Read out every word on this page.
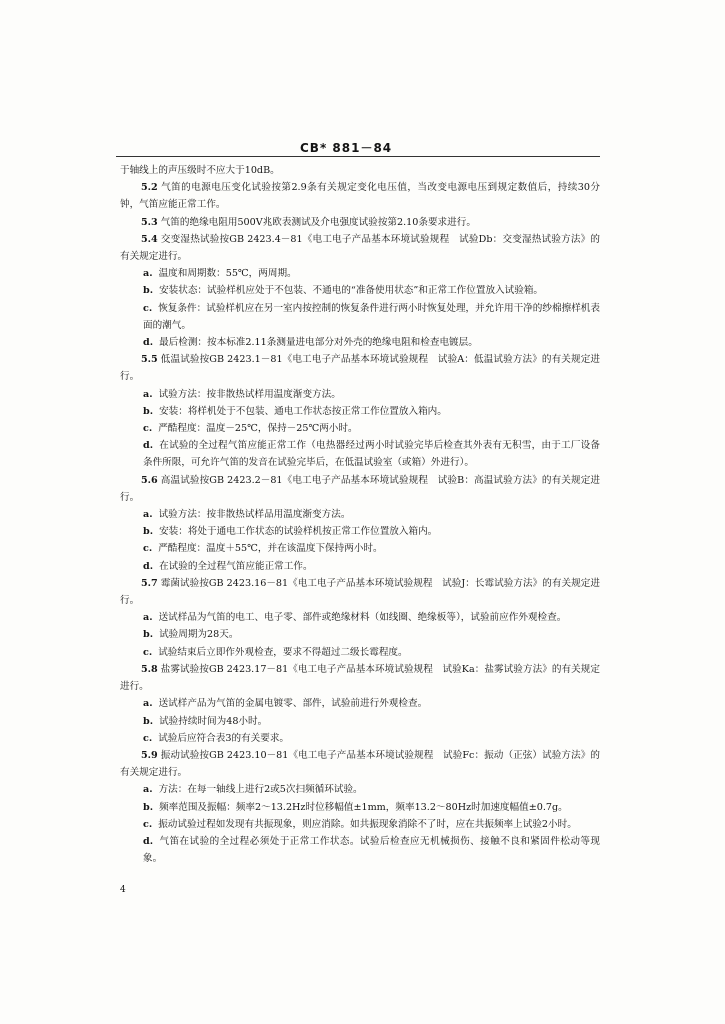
CB* 881－84

于轴线上的声压级时不应大于10dB。

5.2 气笛的电源电压变化试验按第2.9条有关规定变化电压值，当改变电源电压到规定数值后，持续30分钟，气笛应能正常工作。

5.3 气笛的绝缘电阻用500V兆欧表测试及介电强度试验按第2.10条要求进行。

5.4 交变湿热试验按GB 2423.4－81《电工电子产品基本环境试验规程　试验Db：交变湿热试验方法》的有关规定进行。

a. 温度和周期数：55℃，两周期。

b. 安装状态：试验样机应处于不包装、不通电的“准备使用状态”和正常工作位置放入试验箱。

c. 恢复条件：试验样机应在另一室内按控制的恢复条件进行两小时恢复处理，并允许用干净的纱棉擦样机表面的潮气。

d. 最后检测：按本标准2.11条测量进电部分对外壳的绝缘电阻和检查电镀层。

5.5 低温试验按GB 2423.1－81《电工电子产品基本环境试验规程　试验A：低温试验方法》的有关规定进行。

a. 试验方法：按非散热试样用温度渐变方法。

b. 安装：将样机处于不包装、通电工作状态按正常工作位置放入箱内。

c. 严酷程度：温度－25℃，保持－25℃两小时。

d. 在试验的全过程气笛应能正常工作（电热器经过两小时试验完毕后检查其外表有无积雪，由于工厂设备条件所限，可允许气笛的发音在试验完毕后，在低温试验室（或箱）外进行）。

5.6 高温试验按GB 2423.2－81《电工电子产品基本环境试验规程　试验B：高温试验方法》的有关规定进行。

a. 试验方法：按非散热试样品用温度渐变方法。

b. 安装：将处于通电工作状态的试验样机按正常工作位置放入箱内。

c. 严酷程度：温度＋55℃，并在该温度下保持两小时。

d. 在试验的全过程气笛应能正常工作。

5.7 霉菌试验按GB 2423.16－81《电工电子产品基本环境试验规程　试验J：长霉试验方法》的有关规定进行。

a. 送试样品为气笛的电工、电子零、部件或绝缘材料（如线圈、绝缘板等），试验前应作外观检查。

b. 试验周期为28天。

c. 试验结束后立即作外观检查，要求不得超过二级长霉程度。

5.8 盐雾试验按GB 2423.17－81《电工电子产品基本环境试验规程　试验Ka：盐雾试验方法》的有关规定进行。

a. 送试样产品为气笛的金属电镀零、部件，试验前进行外观检查。

b. 试验持续时间为48小时。

c. 试验后应符合表3的有关要求。

5.9 振动试验按GB 2423.10－81《电工电子产品基本环境试验规程　试验Fc：振动（正弦）试验方法》的有关规定进行。

a. 方法：在每一轴线上进行2或5次扫频循环试验。

b. 频率范围及振幅：频率2～13.2Hz时位移幅值±1mm，频率13.2～80Hz时加速度幅值±0.7g。

c. 振动试验过程如发现有共振现象，则应消除。如共振现象消除不了时，应在共振频率上试验2小时。

d. 气笛在试验的全过程必须处于正常工作状态。试验后检查应无机械损伤、接触不良和紧固件松动等现象。

4
